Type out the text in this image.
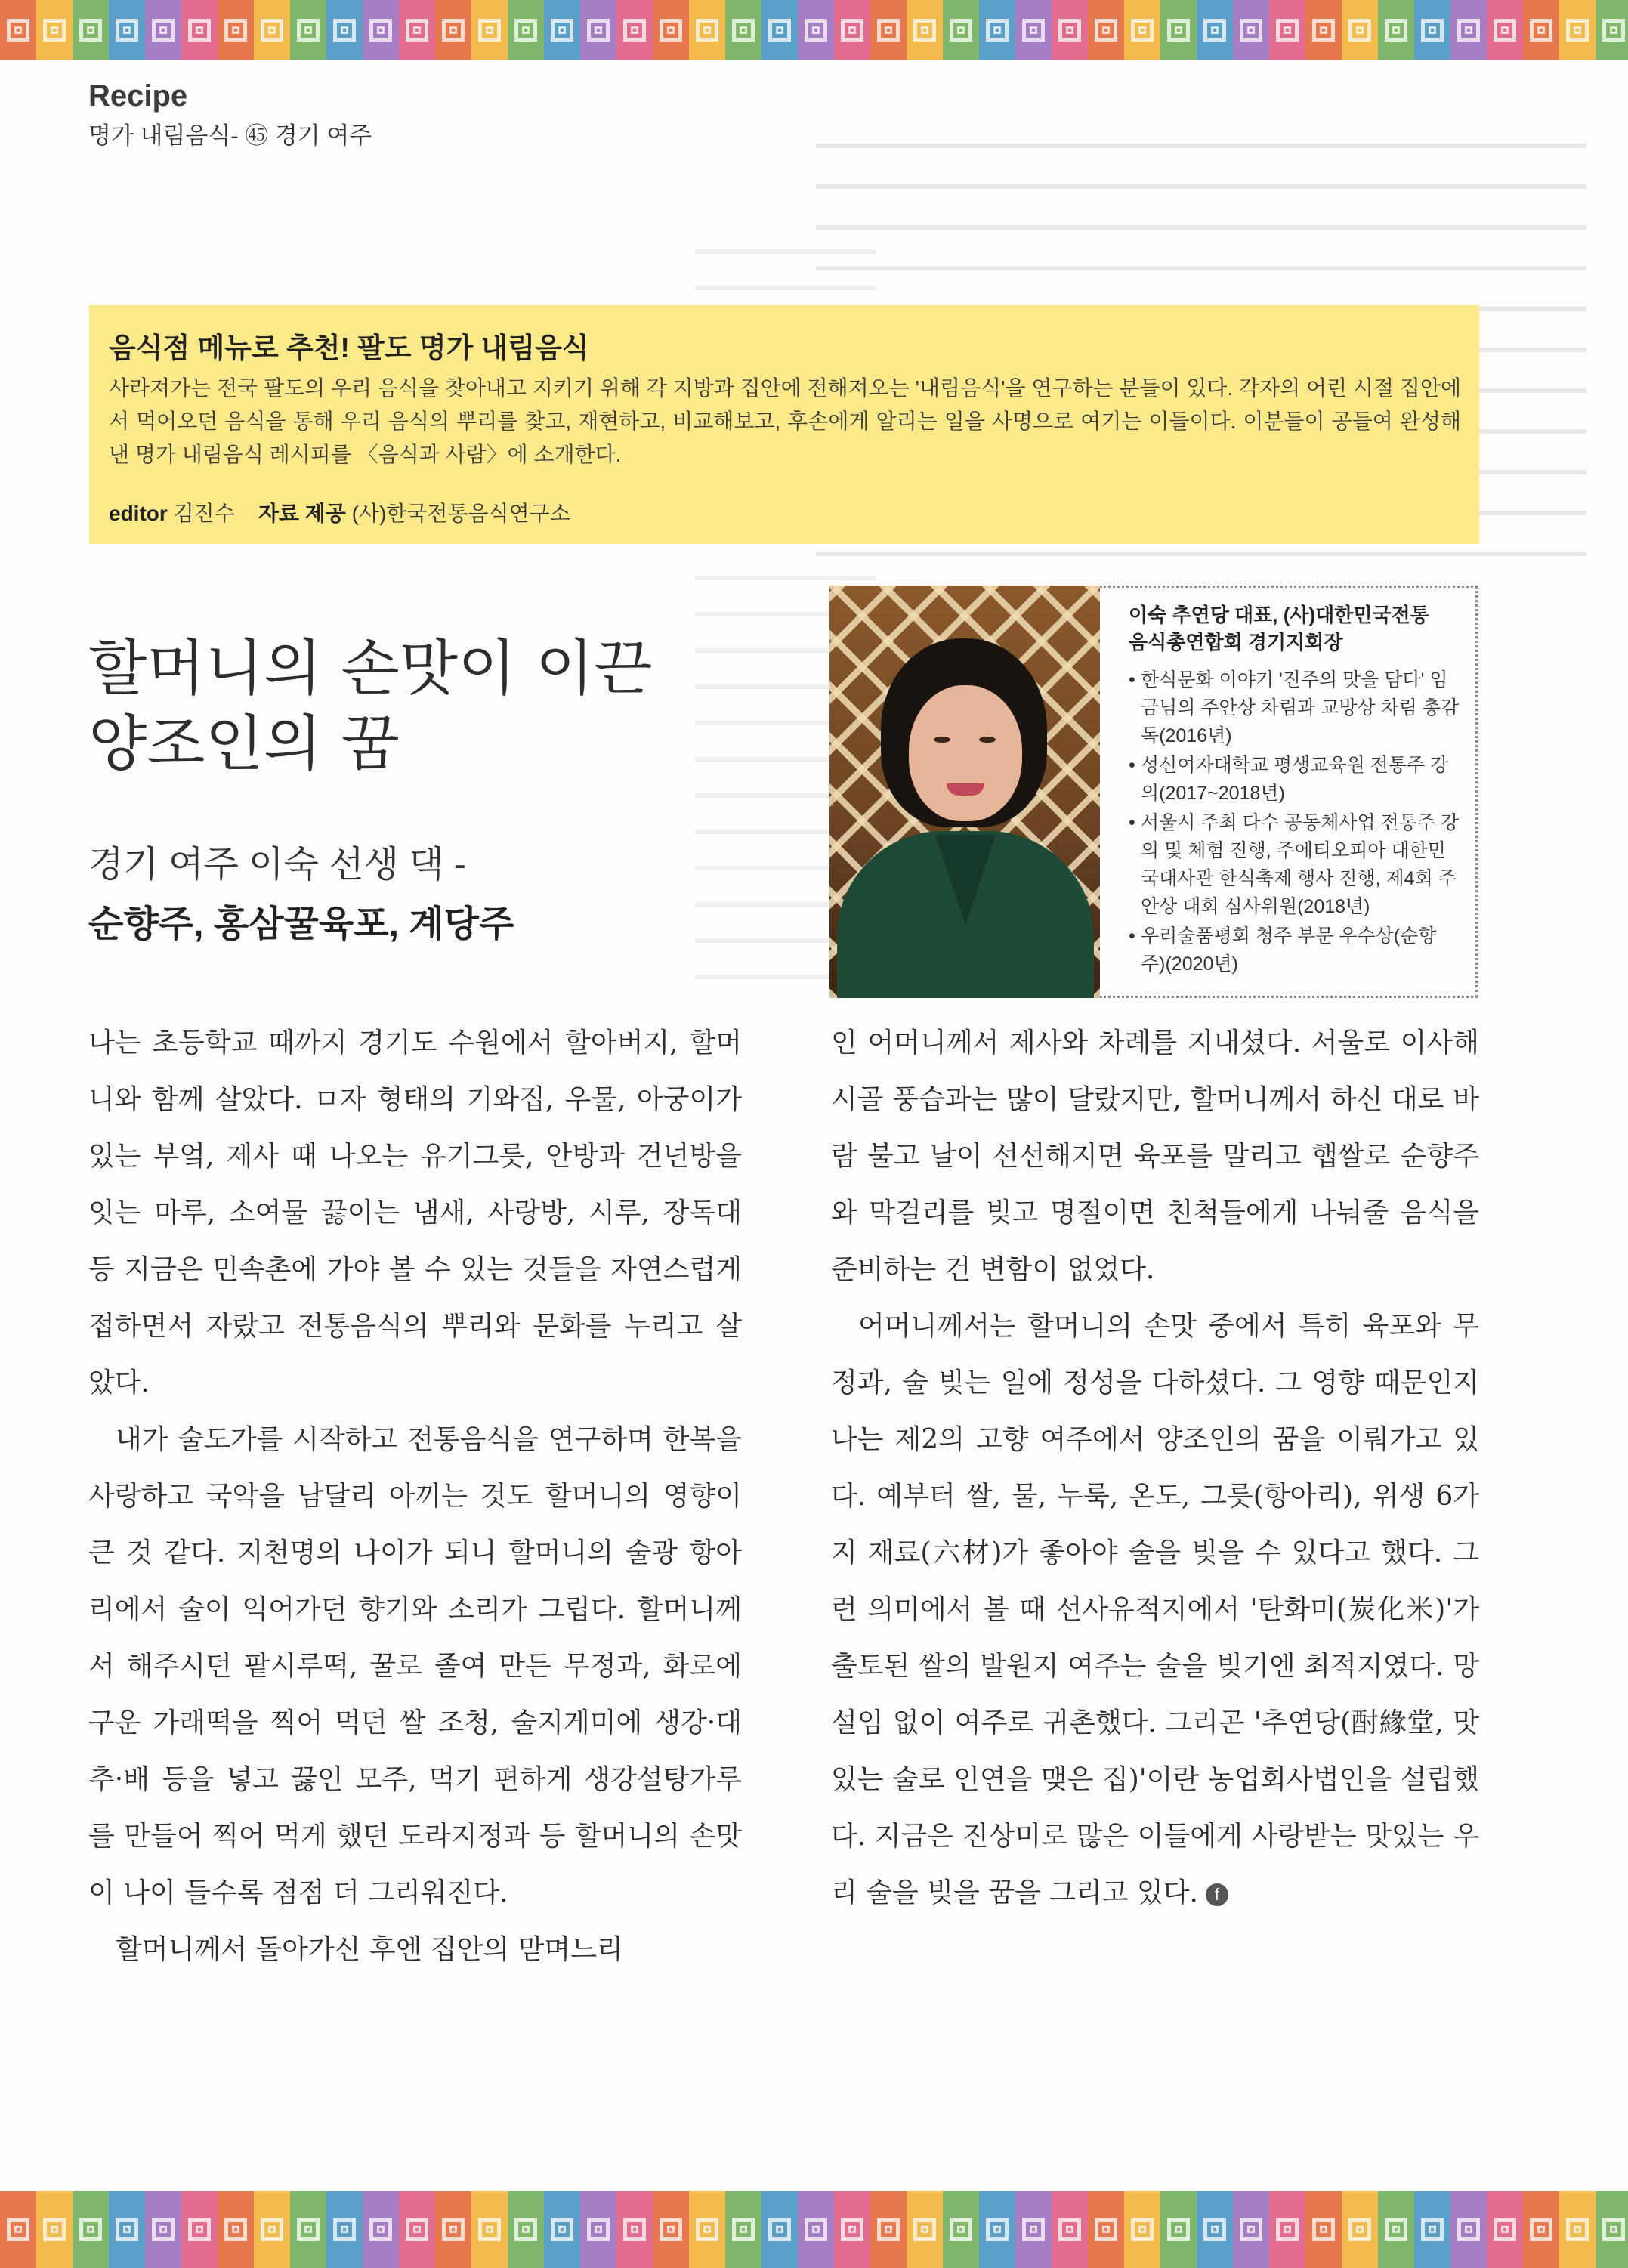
Recipe
명가 내림음식- ㊺ 경기 여주
음식점 메뉴로 추천! 팔도 명가 내림음식
사라져가는 전국 팔도의 우리 음식을 찾아내고 지키기 위해 각 지방과 집안에 전해져오는 '내림음식'을 연구하는 분들이 있다. 각자의 어린 시절 집안에서 먹어오던 음식을 통해 우리 음식의 뿌리를 찾고, 재현하고, 비교해보고, 후손에게 알리는 일을 사명으로 여기는 이들이다. 이분들이 공들여 완성해낸 명가 내림음식 레시피를 〈음식과 사람〉에 소개한다.
editor 김진수 자료 제공 (사)한국전통음식연구소
할머니의 손맛이 이끈
양조인의 꿈
경기 여주 이숙 선생 댁 -
순향주, 홍삼꿀육포, 계당주
이숙 추연당 대표, (사)대한민국전통
음식총연합회 경기지회장
• 한식문화 이야기 '진주의 맛을 담다' 임금님의 주안상 차림과 교방상 차림 총감독(2016년)
• 성신여자대학교 평생교육원 전통주 강의(2017~2018년)
• 서울시 주최 다수 공동체사업 전통주 강의 및 체험 진행, 주에티오피아 대한민국대사관 한식축제 행사 진행, 제4회 주안상 대회 심사위원(2018년)
• 우리술품평회 청주 부문 우수상(순향주)(2020년)

나는 초등학교 때까지 경기도 수원에서 할아버지, 할머니와 함께 살았다. ㅁ자 형태의 기와집, 우물, 아궁이가 있는 부엌, 제사 때 나오는 유기그릇, 안방과 건넌방을 잇는 마루, 소여물 끓이는 냄새, 사랑방, 시루, 장독대 등 지금은 민속촌에 가야 볼 수 있는 것들을 자연스럽게 접하면서 자랐고 전통음식의 뿌리와 문화를 누리고 살았다.

내가 술도가를 시작하고 전통음식을 연구하며 한복을 사랑하고 국악을 남달리 아끼는 것도 할머니의 영향이 큰 것 같다. 지천명의 나이가 되니 할머니의 술광 항아리에서 술이 익어가던 향기와 소리가 그립다. 할머니께서 해주시던 팥시루떡, 꿀로 졸여 만든 무정과, 화로에 구운 가래떡을 찍어 먹던 쌀 조청, 술지게미에 생강·대추·배 등을 넣고 끓인 모주, 먹기 편하게 생강설탕가루를 만들어 찍어 먹게 했던 도라지정과 등 할머니의 손맛이 나이 들수록 점점 더 그리워진다.

할머니께서 돌아가신 후엔 집안의 맏며느리

인 어머니께서 제사와 차례를 지내셨다. 서울로 이사해 시골 풍습과는 많이 달랐지만, 할머니께서 하신 대로 바람 불고 날이 선선해지면 육포를 말리고 햅쌀로 순향주와 막걸리를 빚고 명절이면 친척들에게 나눠줄 음식을 준비하는 건 변함이 없었다.

어머니께서는 할머니의 손맛 중에서 특히 육포와 무정과, 술 빚는 일에 정성을 다하셨다. 그 영향 때문인지 나는 제2의 고향 여주에서 양조인의 꿈을 이뤄가고 있다. 예부터 쌀, 물, 누룩, 온도, 그릇(항아리), 위생 6가지 재료(六材)가 좋아야 술을 빚을 수 있다고 했다. 그런 의미에서 볼 때 선사유적지에서 '탄화미(炭化米)'가 출토된 쌀의 발원지 여주는 술을 빚기엔 최적지였다. 망설임 없이 여주로 귀촌했다. 그리곤 '추연당(酎緣堂, 맛있는 술로 인연을 맺은 집)'이란 농업회사법인을 설립했다. 지금은 진상미로 많은 이들에게 사랑받는 맛있는 우리 술을 빚을 꿈을 그리고 있다. f
